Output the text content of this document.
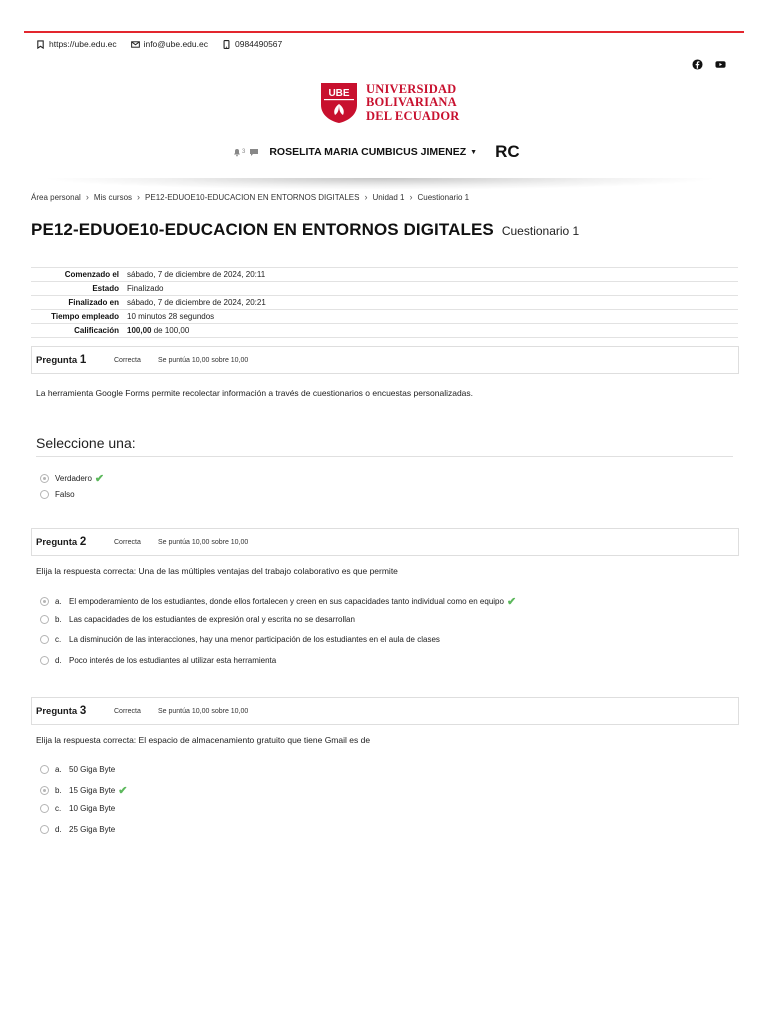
https://ube.edu.ec	info@ube.edu.ec	0984490567
UBE UNIVERSIDAD
BOLIVARIANA
DEL ECUADOR
3 ROSELITA MARIA CUMBICUS JIMENEZ ▼ RC
Área personal › Mis cursos › PE12-EDUOE10-EDUCACION EN ENTORNOS DIGITALES › Unidad 1 › Cuestionario 1
PE12-EDUOE10-EDUCACION EN ENTORNOS DIGITALES Cuestionario 1
Comenzado el	sábado, 7 de diciembre de 2024, 20:11
Estado	Finalizado
Finalizado en	sábado, 7 de diciembre de 2024, 20:21
Tiempo empleado	10 minutos 28 segundos
Calificación	100,00 de 100,00
Pregunta 1	Correcta	Se puntúa 10,00 sobre 10,00
La herramienta Google Forms permite recolectar información a través de cuestionarios o encuestas personalizadas.
Seleccione una:
Verdadero ✔
Falso
Pregunta 2	Correcta	Se puntúa 10,00 sobre 10,00
Elija la respuesta correcta: Una de las múltiples ventajas del trabajo colaborativo es que permite
a. El empoderamiento de los estudiantes, donde ellos fortalecen y creen en sus capacidades tanto individual como en equipo ✔
b. Las capacidades de los estudiantes de expresión oral y escrita no se desarrollan
c. La disminución de las interacciones, hay una menor participación de los estudiantes en el aula de clases
d. Poco interés de los estudiantes al utilizar esta herramienta
Pregunta 3	Correcta	Se puntúa 10,00 sobre 10,00
Elija la respuesta correcta: El espacio de almacenamiento gratuito que tiene Gmail es de
a. 50 Giga Byte
b. 15 Giga Byte ✔
c. 10 Giga Byte
d. 25 Giga Byte
